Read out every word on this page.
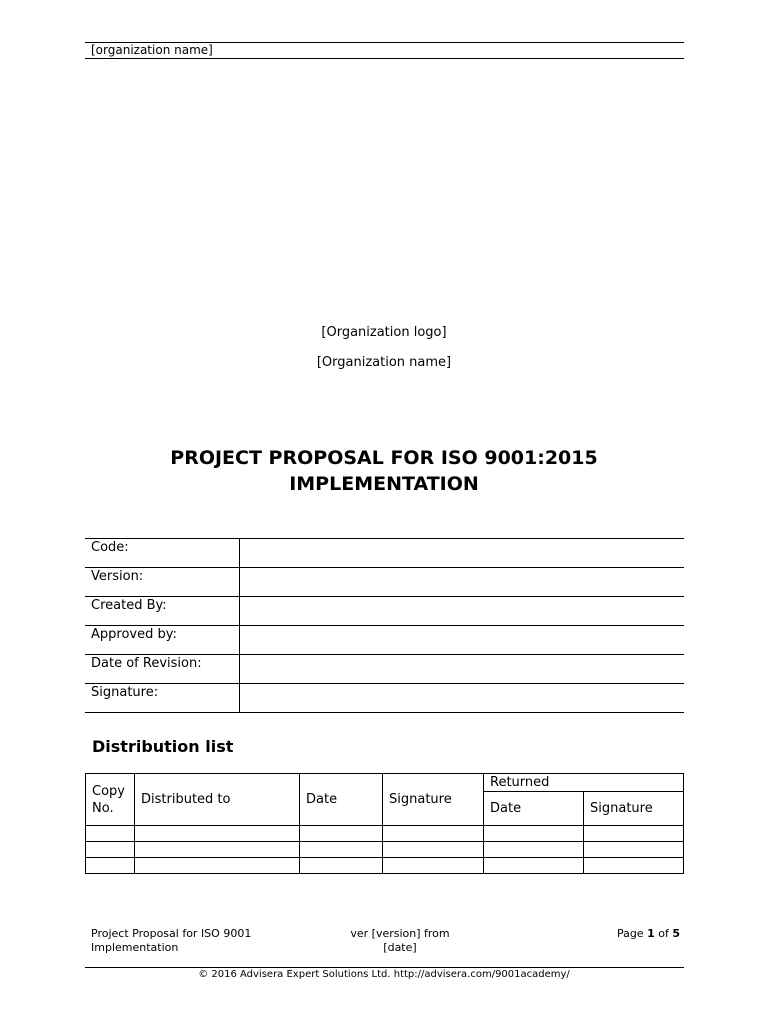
[organization name]
[Organization logo]
[Organization name]
PROJECT PROPOSAL FOR ISO 9001:2015
IMPLEMENTATION
Code:	
Version:	
Created By:	
Approved by:	
Date of Revision:	
Signature:	
Distribution list
Copy No.	Distributed to	Date	Signature	Returned	
				Date	Signature

Project Proposal for ISO 9001 Implementation
ver [version] from [date]
Page 1 of 5
© 2016 Advisera Expert Solutions Ltd. http://advisera.com/9001academy/
